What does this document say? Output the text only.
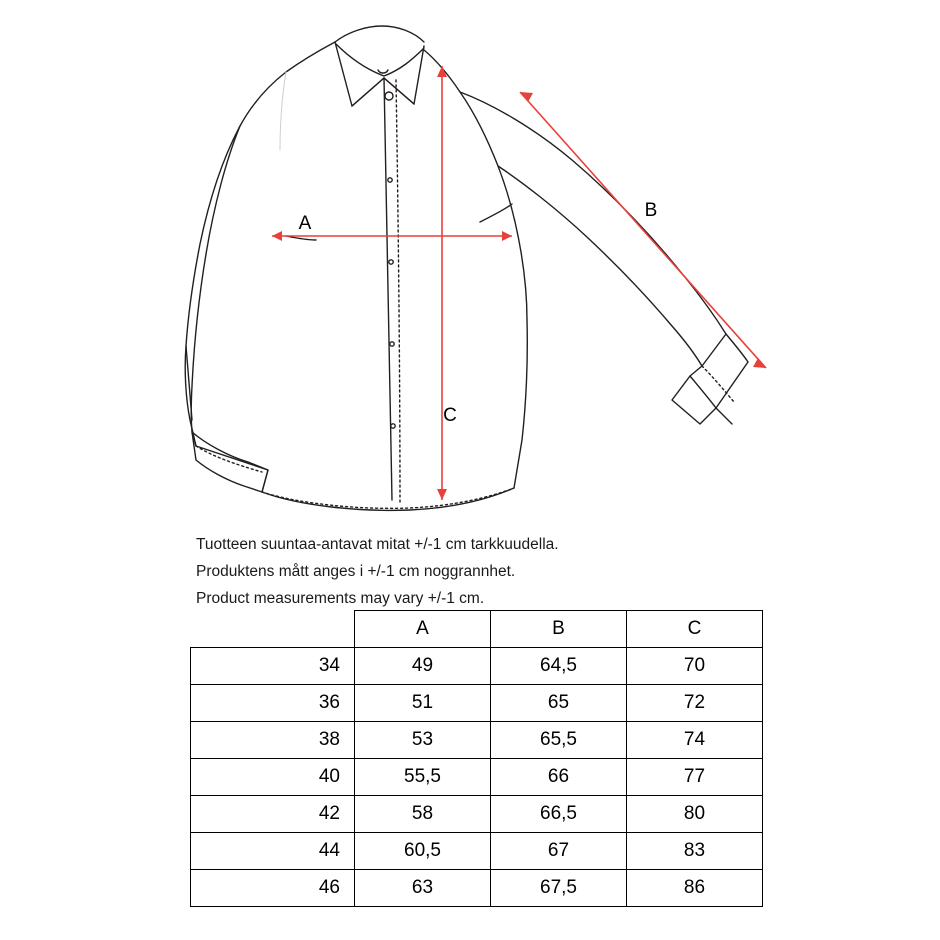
A
B
C

Tuotteen suuntaa-antavat mitat +/-1 cm tarkkuudella.

Produktens mått anges i +/-1 cm noggrannhet.

Product measurements may vary +/-1 cm.

	A	B	C
34	49	64,5	70
36	51	65	72
38	53	65,5	74
40	55,5	66	77
42	58	66,5	80
44	60,5	67	83
46	63	67,5	86
